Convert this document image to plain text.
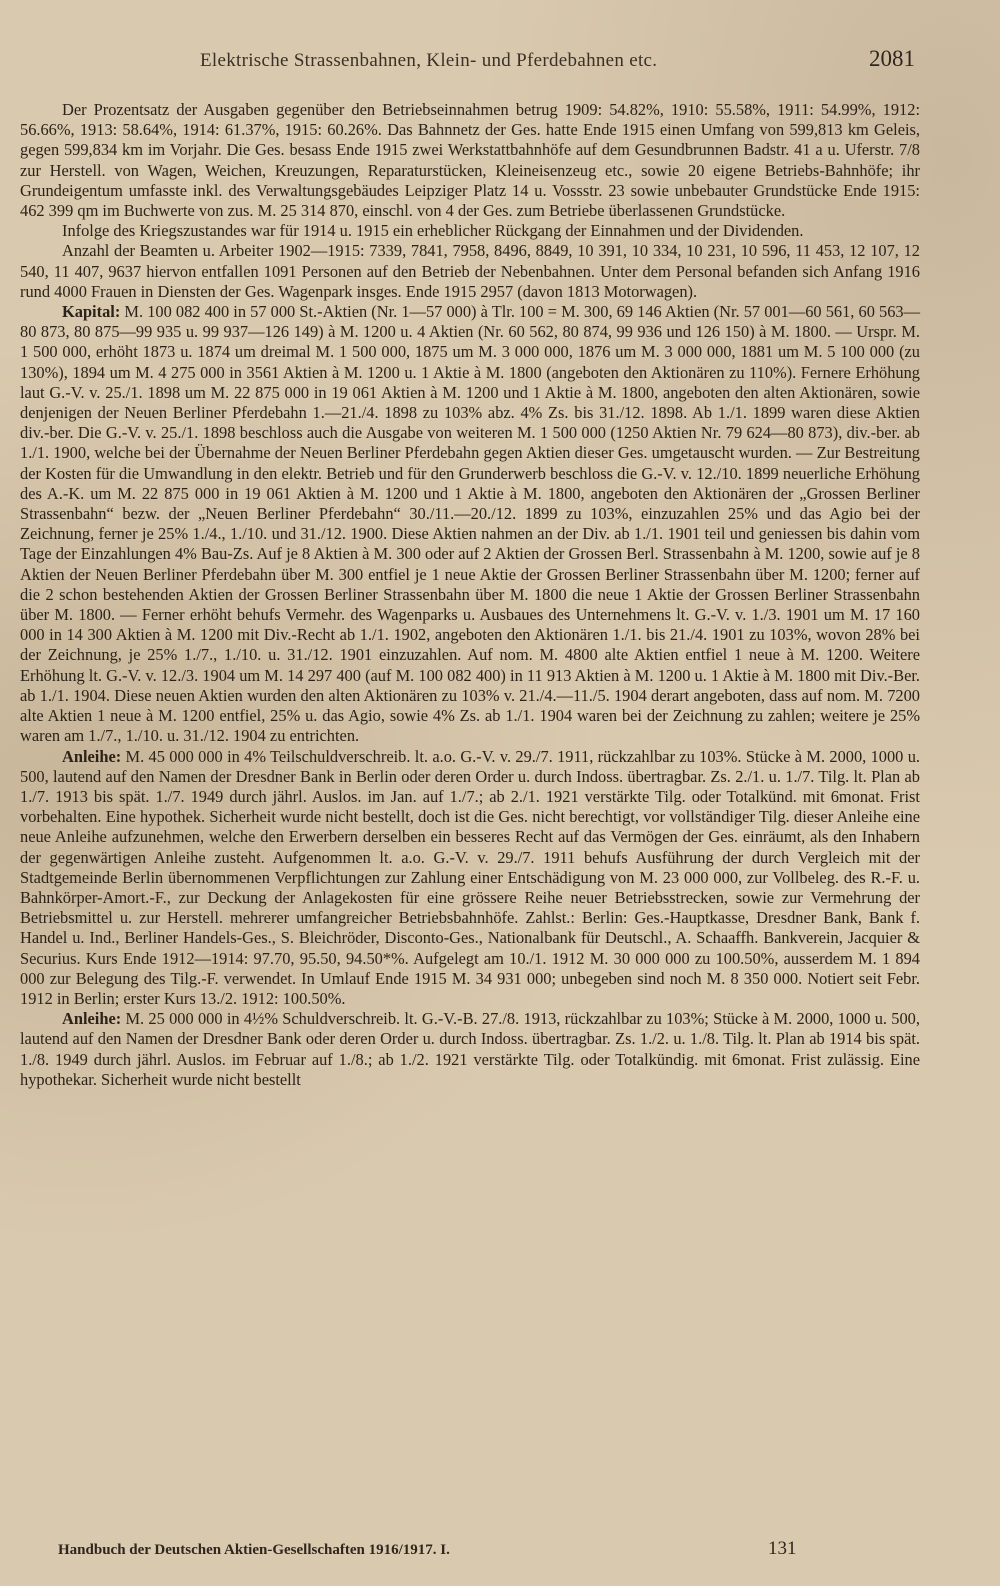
Elektrische Strassenbahnen, Klein- und Pferdebahnen etc.	2081

Der Prozentsatz der Ausgaben gegenüber den Betriebseinnahmen betrug 1909: 54.82%, 1910: 55.58%, 1911: 54.99%, 1912: 56.66%, 1913: 58.64%, 1914: 61.37%, 1915: 60.26%. Das Bahnnetz der Ges. hatte Ende 1915 einen Umfang von 599,813 km Geleis, gegen 599,834 km im Vorjahr. Die Ges. besass Ende 1915 zwei Werkstattbahnhöfe auf dem Gesundbrunnen Badstr. 41 a u. Uferstr. 7/8 zur Herstell. von Wagen, Weichen, Kreuzungen, Reparaturstücken, Kleineisenzeug etc., sowie 20 eigene Betriebs-Bahnhöfe; ihr Grundeigentum umfasste inkl. des Verwaltungsgebäudes Leipziger Platz 14 u. Vossstr. 23 sowie unbebauter Grundstücke Ende 1915: 462 399 qm im Buchwerte von zus. M. 25 314 870, einschl. von 4 der Ges. zum Betriebe überlassenen Grundstücke.

Infolge des Kriegszustandes war für 1914 u. 1915 ein erheblicher Rückgang der Einnahmen und der Dividenden.

Anzahl der Beamten u. Arbeiter 1902—1915: 7339, 7841, 7958, 8496, 8849, 10 391, 10 334, 10 231, 10 596, 11 453, 12 107, 12 540, 11 407, 9637 hiervon entfallen 1091 Personen auf den Betrieb der Nebenbahnen. Unter dem Personal befanden sich Anfang 1916 rund 4000 Frauen in Diensten der Ges. Wagenpark insges. Ende 1915 2957 (davon 1813 Motorwagen).

Kapital: M. 100 082 400 in 57 000 St.-Aktien (Nr. 1—57 000) à Tlr. 100 = M. 300, 69 146 Aktien (Nr. 57 001—60 561, 60 563—80 873, 80 875—99 935 u. 99 937—126 149) à M. 1200 u. 4 Aktien (Nr. 60 562, 80 874, 99 936 und 126 150) à M. 1800. — Urspr. M. 1 500 000, erhöht 1873 u. 1874 um dreimal M. 1 500 000, 1875 um M. 3 000 000, 1876 um M. 3 000 000, 1881 um M. 5 100 000 (zu 130%), 1894 um M. 4 275 000 in 3561 Aktien à M. 1200 u. 1 Aktie à M. 1800 (angeboten den Aktionären zu 110%). Fernere Erhöhung laut G.-V. v. 25./1. 1898 um M. 22 875 000 in 19 061 Aktien à M. 1200 und 1 Aktie à M. 1800, angeboten den alten Aktionären, sowie denjenigen der Neuen Berliner Pferdebahn 1.—21./4. 1898 zu 103% abz. 4% Zs. bis 31./12. 1898. Ab 1./1. 1899 waren diese Aktien div.-ber. Die G.-V. v. 25./1. 1898 beschloss auch die Ausgabe von weiteren M. 1 500 000 (1250 Aktien Nr. 79 624—80 873), div.-ber. ab 1./1. 1900, welche bei der Übernahme der Neuen Berliner Pferdebahn gegen Aktien dieser Ges. umgetauscht wurden. — Zur Bestreitung der Kosten für die Umwandlung in den elektr. Betrieb und für den Grunderwerb beschloss die G.-V. v. 12./10. 1899 neuerliche Erhöhung des A.-K. um M. 22 875 000 in 19 061 Aktien à M. 1200 und 1 Aktie à M. 1800, angeboten den Aktionären der „Grossen Berliner Strassenbahn“ bezw. der „Neuen Berliner Pferdebahn“ 30./11.—20./12. 1899 zu 103%, einzuzahlen 25% und das Agio bei der Zeichnung, ferner je 25% 1./4., 1./10. und 31./12. 1900. Diese Aktien nahmen an der Div. ab 1./1. 1901 teil und geniessen bis dahin vom Tage der Einzahlungen 4% Bau-Zs. Auf je 8 Aktien à M. 300 oder auf 2 Aktien der Grossen Berl. Strassenbahn à M. 1200, sowie auf je 8 Aktien der Neuen Berliner Pferdebahn über M. 300 entfiel je 1 neue Aktie der Grossen Berliner Strassenbahn über M. 1200; ferner auf die 2 schon bestehenden Aktien der Grossen Berliner Strassenbahn über M. 1800 die neue 1 Aktie der Grossen Berliner Strassenbahn über M. 1800. — Ferner erhöht behufs Vermehr. des Wagenparks u. Ausbaues des Unternehmens lt. G.-V. v. 1./3. 1901 um M. 17 160 000 in 14 300 Aktien à M. 1200 mit Div.-Recht ab 1./1. 1902, angeboten den Aktionären 1./1. bis 21./4. 1901 zu 103%, wovon 28% bei der Zeichnung, je 25% 1./7., 1./10. u. 31./12. 1901 einzuzahlen. Auf nom. M. 4800 alte Aktien entfiel 1 neue à M. 1200. Weitere Erhöhung lt. G.-V. v. 12./3. 1904 um M. 14 297 400 (auf M. 100 082 400) in 11 913 Aktien à M. 1200 u. 1 Aktie à M. 1800 mit Div.-Ber. ab 1./1. 1904. Diese neuen Aktien wurden den alten Aktionären zu 103% v. 21./4.—11./5. 1904 derart angeboten, dass auf nom. M. 7200 alte Aktien 1 neue à M. 1200 entfiel, 25% u. das Agio, sowie 4% Zs. ab 1./1. 1904 waren bei der Zeichnung zu zahlen; weitere je 25% waren am 1./7., 1./10. u. 31./12. 1904 zu entrichten.

Anleihe: M. 45 000 000 in 4% Teilschuldverschreib. lt. a.o. G.-V. v. 29./7. 1911, rückzahlbar zu 103%. Stücke à M. 2000, 1000 u. 500, lautend auf den Namen der Dresdner Bank in Berlin oder deren Order u. durch Indoss. übertragbar. Zs. 2./1. u. 1./7. Tilg. lt. Plan ab 1./7. 1913 bis spät. 1./7. 1949 durch jährl. Auslos. im Jan. auf 1./7.; ab 2./1. 1921 verstärkte Tilg. oder Totalkünd. mit 6monat. Frist vorbehalten. Eine hypothek. Sicherheit wurde nicht bestellt, doch ist die Ges. nicht berechtigt, vor vollständiger Tilg. dieser Anleihe eine neue Anleihe aufzunehmen, welche den Erwerbern derselben ein besseres Recht auf das Vermögen der Ges. einräumt, als den Inhabern der gegenwärtigen Anleihe zusteht. Aufgenommen lt. a.o. G.-V. v. 29./7. 1911 behufs Ausführung der durch Vergleich mit der Stadtgemeinde Berlin übernommenen Verpflichtungen zur Zahlung einer Entschädigung von M. 23 000 000, zur Vollbeleg. des R.-F. u. Bahnkörper-Amort.-F., zur Deckung der Anlagekosten für eine grössere Reihe neuer Betriebsstrecken, sowie zur Vermehrung der Betriebsmittel u. zur Herstell. mehrerer umfangreicher Betriebsbahnhöfe. Zahlst.: Berlin: Ges.-Hauptkasse, Dresdner Bank, Bank f. Handel u. Ind., Berliner Handels-Ges., S. Bleichröder, Disconto-Ges., Nationalbank für Deutschl., A. Schaaffh. Bankverein, Jacquier & Securius. Kurs Ende 1912—1914: 97.70, 95.50, 94.50*%. Aufgelegt am 10./1. 1912 M. 30 000 000 zu 100.50%, ausserdem M. 1 894 000 zur Belegung des Tilg.-F. verwendet. In Umlauf Ende 1915 M. 34 931 000; unbegeben sind noch M. 8 350 000. Notiert seit Febr. 1912 in Berlin; erster Kurs 13./2. 1912: 100.50%.

Anleihe: M. 25 000 000 in 4½% Schuldverschreib. lt. G.-V.-B. 27./8. 1913, rückzahlbar zu 103%; Stücke à M. 2000, 1000 u. 500, lautend auf den Namen der Dresdner Bank oder deren Order u. durch Indoss. übertragbar. Zs. 1./2. u. 1./8. Tilg. lt. Plan ab 1914 bis spät. 1./8. 1949 durch jährl. Auslos. im Februar auf 1./8.; ab 1./2. 1921 verstärkte Tilg. oder Totalkündig. mit 6monat. Frist zulässig. Eine hypothekar. Sicherheit wurde nicht bestellt

Handbuch der Deutschen Aktien-Gesellschaften 1916/1917. I.	131
